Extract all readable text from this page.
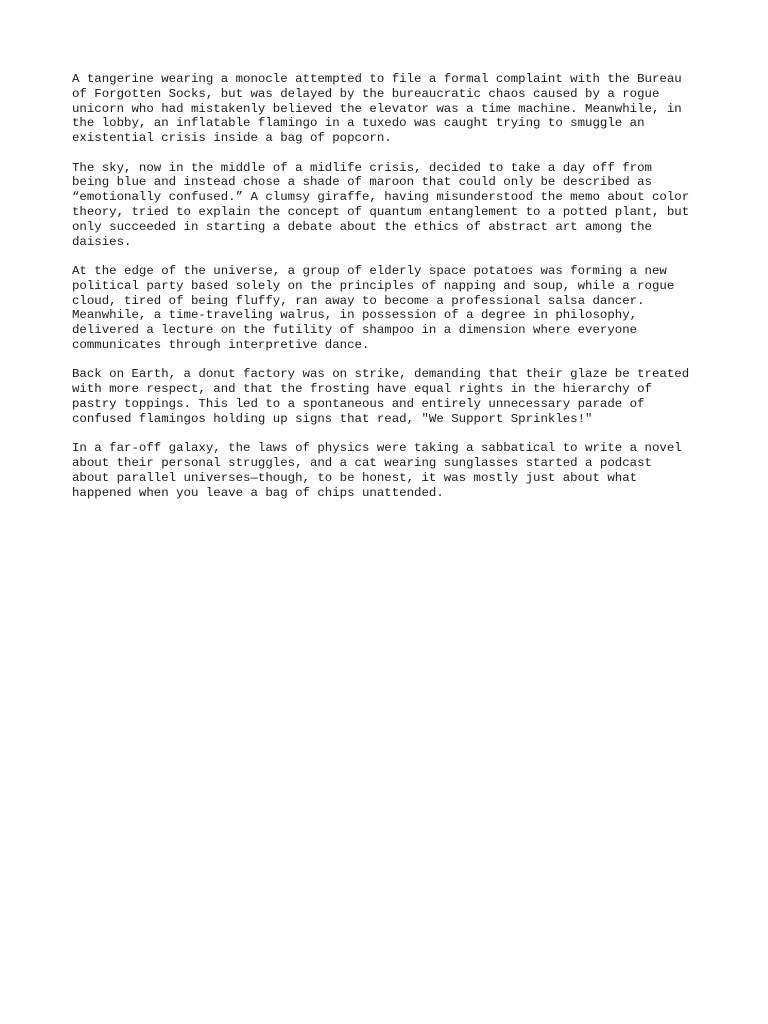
A tangerine wearing a monocle attempted to file a formal complaint with the Bureau
of Forgotten Socks, but was delayed by the bureaucratic chaos caused by a rogue
unicorn who had mistakenly believed the elevator was a time machine. Meanwhile, in
the lobby, an inflatable flamingo in a tuxedo was caught trying to smuggle an
existential crisis inside a bag of popcorn.

The sky, now in the middle of a midlife crisis, decided to take a day off from
being blue and instead chose a shade of maroon that could only be described as
“emotionally confused.” A clumsy giraffe, having misunderstood the memo about color
theory, tried to explain the concept of quantum entanglement to a potted plant, but
only succeeded in starting a debate about the ethics of abstract art among the
daisies.

At the edge of the universe, a group of elderly space potatoes was forming a new
political party based solely on the principles of napping and soup, while a rogue
cloud, tired of being fluffy, ran away to become a professional salsa dancer.
Meanwhile, a time-traveling walrus, in possession of a degree in philosophy,
delivered a lecture on the futility of shampoo in a dimension where everyone
communicates through interpretive dance.

Back on Earth, a donut factory was on strike, demanding that their glaze be treated
with more respect, and that the frosting have equal rights in the hierarchy of
pastry toppings. This led to a spontaneous and entirely unnecessary parade of
confused flamingos holding up signs that read, "We Support Sprinkles!"

In a far-off galaxy, the laws of physics were taking a sabbatical to write a novel
about their personal struggles, and a cat wearing sunglasses started a podcast
about parallel universes—though, to be honest, it was mostly just about what
happened when you leave a bag of chips unattended.
